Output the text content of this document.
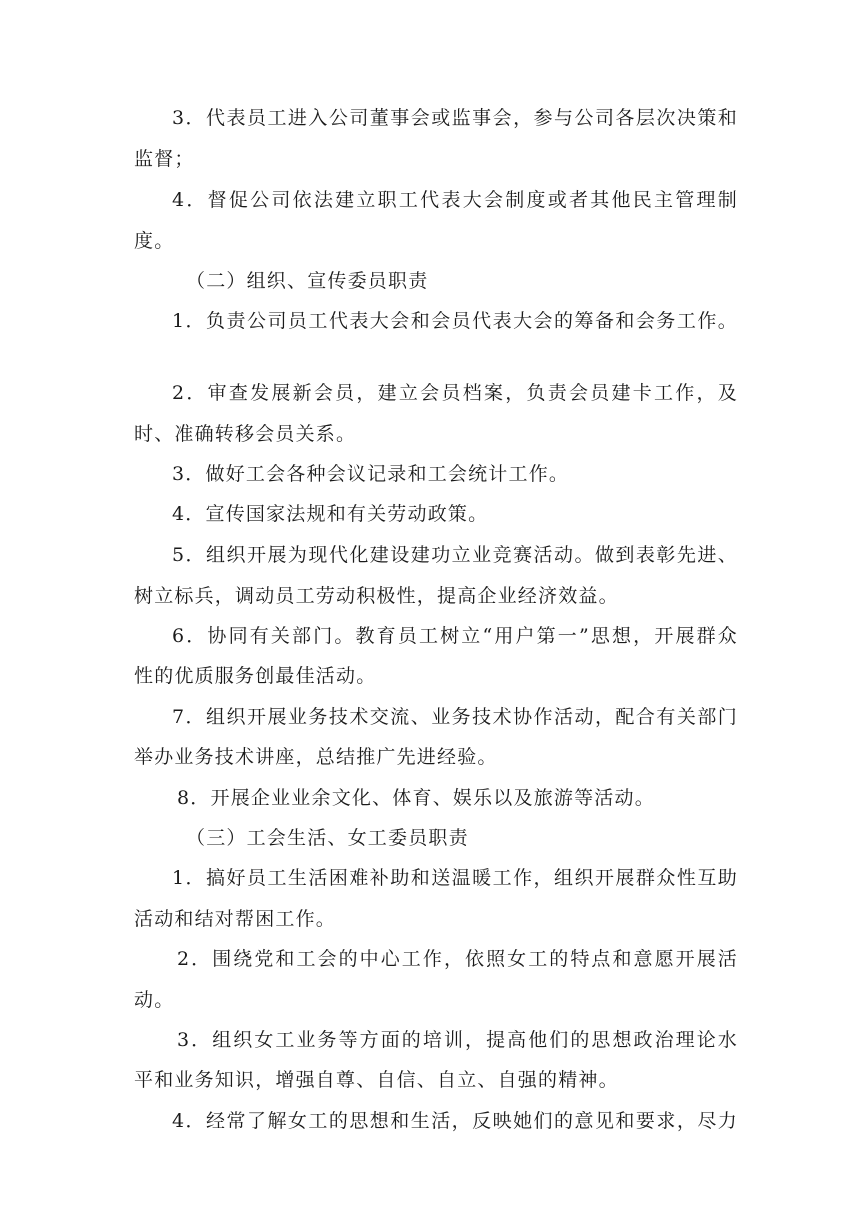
3．代表员工进入公司董事会或监事会，参与公司各层次决策和

监督；

4．督促公司依法建立职工代表大会制度或者其他民主管理制

度。

（二）组织、宣传委员职责

1．负责公司员工代表大会和会员代表大会的筹备和会务工作。

2．审查发展新会员，建立会员档案，负责会员建卡工作，及

时、准确转移会员关系。

3．做好工会各种会议记录和工会统计工作。

4．宣传国家法规和有关劳动政策。

5．组织开展为现代化建设建功立业竞赛活动。做到表彰先进、

树立标兵，调动员工劳动积极性，提高企业经济效益。

6．协同有关部门。教育员工树立“用户第一”思想，开展群众

性的优质服务创最佳活动。

7．组织开展业务技术交流、业务技术协作活动，配合有关部门

举办业务技术讲座，总结推广先进经验。

8．开展企业业余文化、体育、娱乐以及旅游等活动。

（三）工会生活、女工委员职责

1．搞好员工生活困难补助和送温暖工作，组织开展群众性互助

活动和结对帮困工作。

2．围绕党和工会的中心工作，依照女工的特点和意愿开展活

动。

3．组织女工业务等方面的培训，提高他们的思想政治理论水

平和业务知识，增强自尊、自信、自立、自强的精神。

4．经常了解女工的思想和生活，反映她们的意见和要求，尽力
